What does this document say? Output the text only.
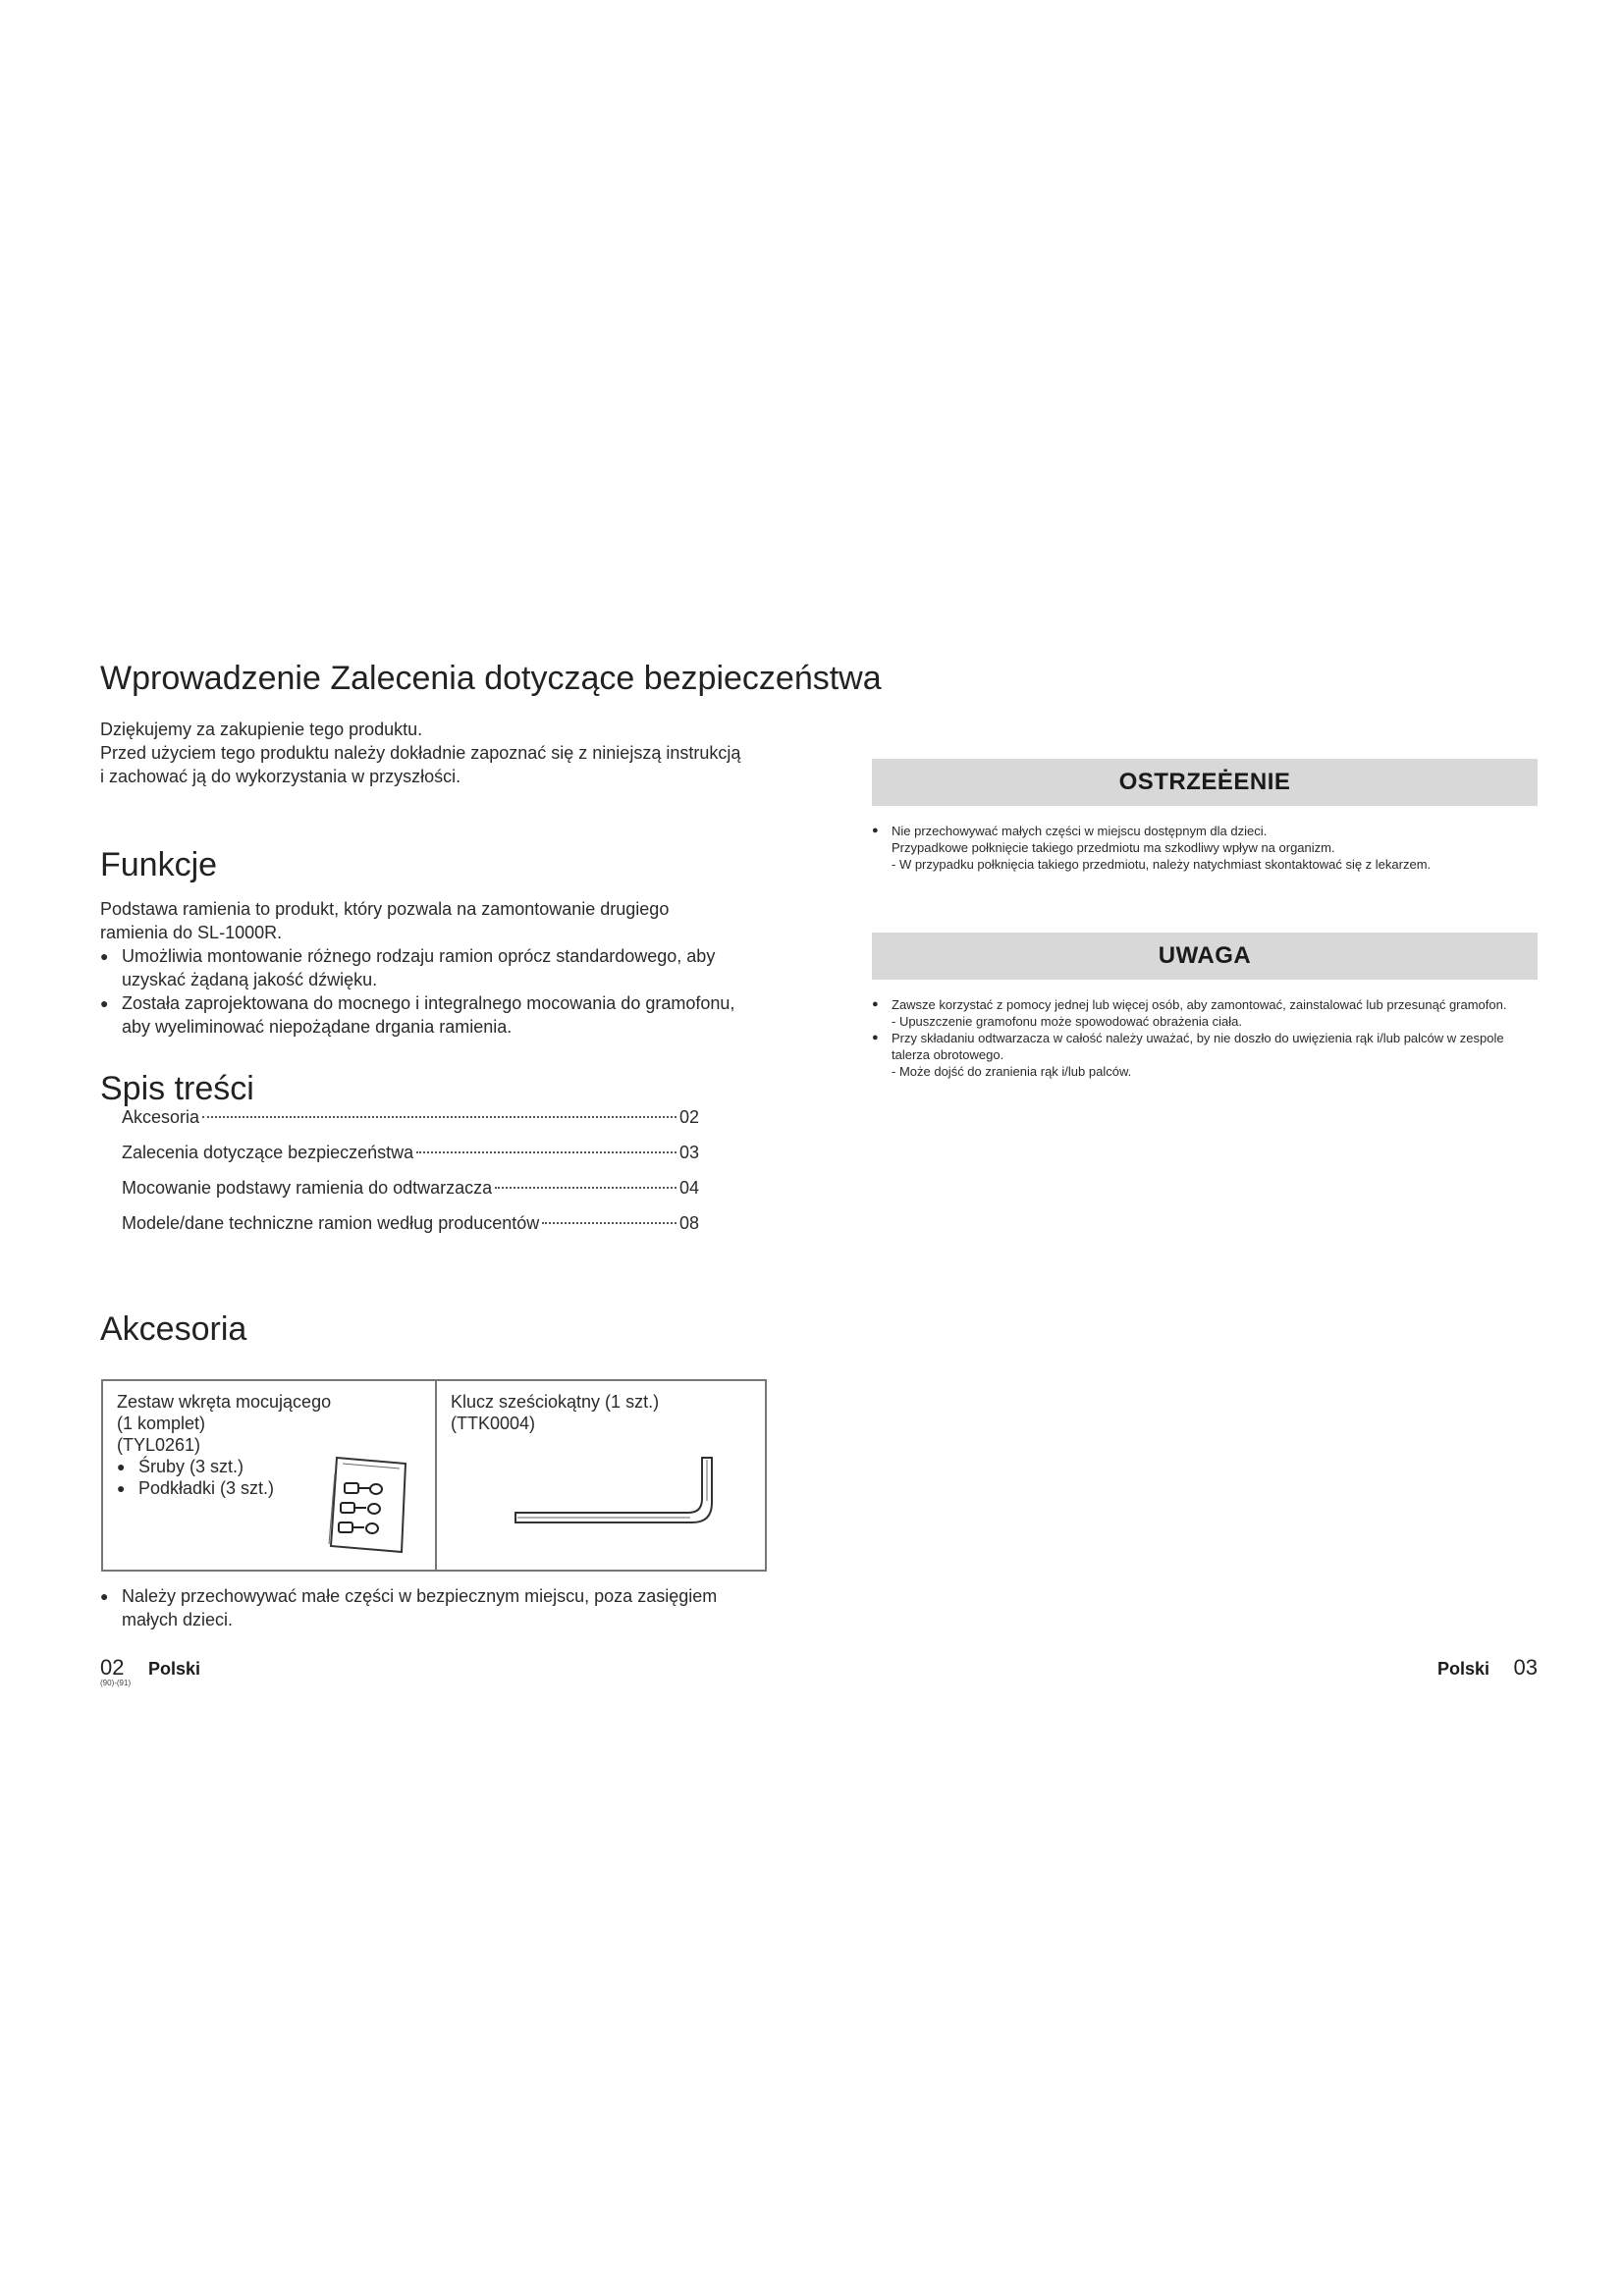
Wprowadzenie Zalecenia dotyczące bezpieczeństwa
Dziękujemy za zakupienie tego produktu.
Przed użyciem tego produktu należy dokładnie zapoznać się z niniejszą instrukcją
i zachować ją do wykorzystania w przyszłości.
Funkcje
Podstawa ramienia to produkt, który pozwala na zamontowanie drugiego ramienia do SL-1000R.
● Umożliwia montowanie różnego rodzaju ramion oprócz standardowego, aby uzyskać żądaną jakość dźwięku.
● Została zaprojektowana do mocnego i integralnego mocowania do gramofonu, aby wyeliminować niepożądane drgania ramienia.
Spis treści
Akcesoria	02
Zalecenia dotyczące bezpieczeństwa	03
Mocowanie podstawy ramienia do odtwarzacza	04
Modele/dane techniczne ramion według producentów	08
Akcesoria
Zestaw wkręta mocującego
(1 komplet)
(TYL0261)
● Śruby (3 szt.)
● Podkładki (3 szt.)

Klucz sześciokątny (1 szt.)
(TTK0004)
● Należy przechowywać małe części w bezpiecznym miejscu, poza zasięgiem małych dzieci.
02 Polski
(90)-(91)
OSTRZEĖENIE
● Nie przechowywać małych części w miejscu dostępnym dla dzieci.
Przypadkowe połknięcie takiego przedmiotu ma szkodliwy wpływ na organizm.
- W przypadku połknięcia takiego przedmiotu, należy natychmiast skontaktować się z lekarzem.
UWAGA
● Zawsze korzystać z pomocy jednej lub więcej osób, aby zamontować, zainstalować lub przesunąć gramofon.
- Upuszczenie gramofonu może spowodować obrażenia ciała.
● Przy składaniu odtwarzacza w całość należy uważać, by nie doszło do uwięzienia rąk i/lub palców w zespole talerza obrotowego.
- Może dojść do zranienia rąk i/lub palców.
Polski 03
